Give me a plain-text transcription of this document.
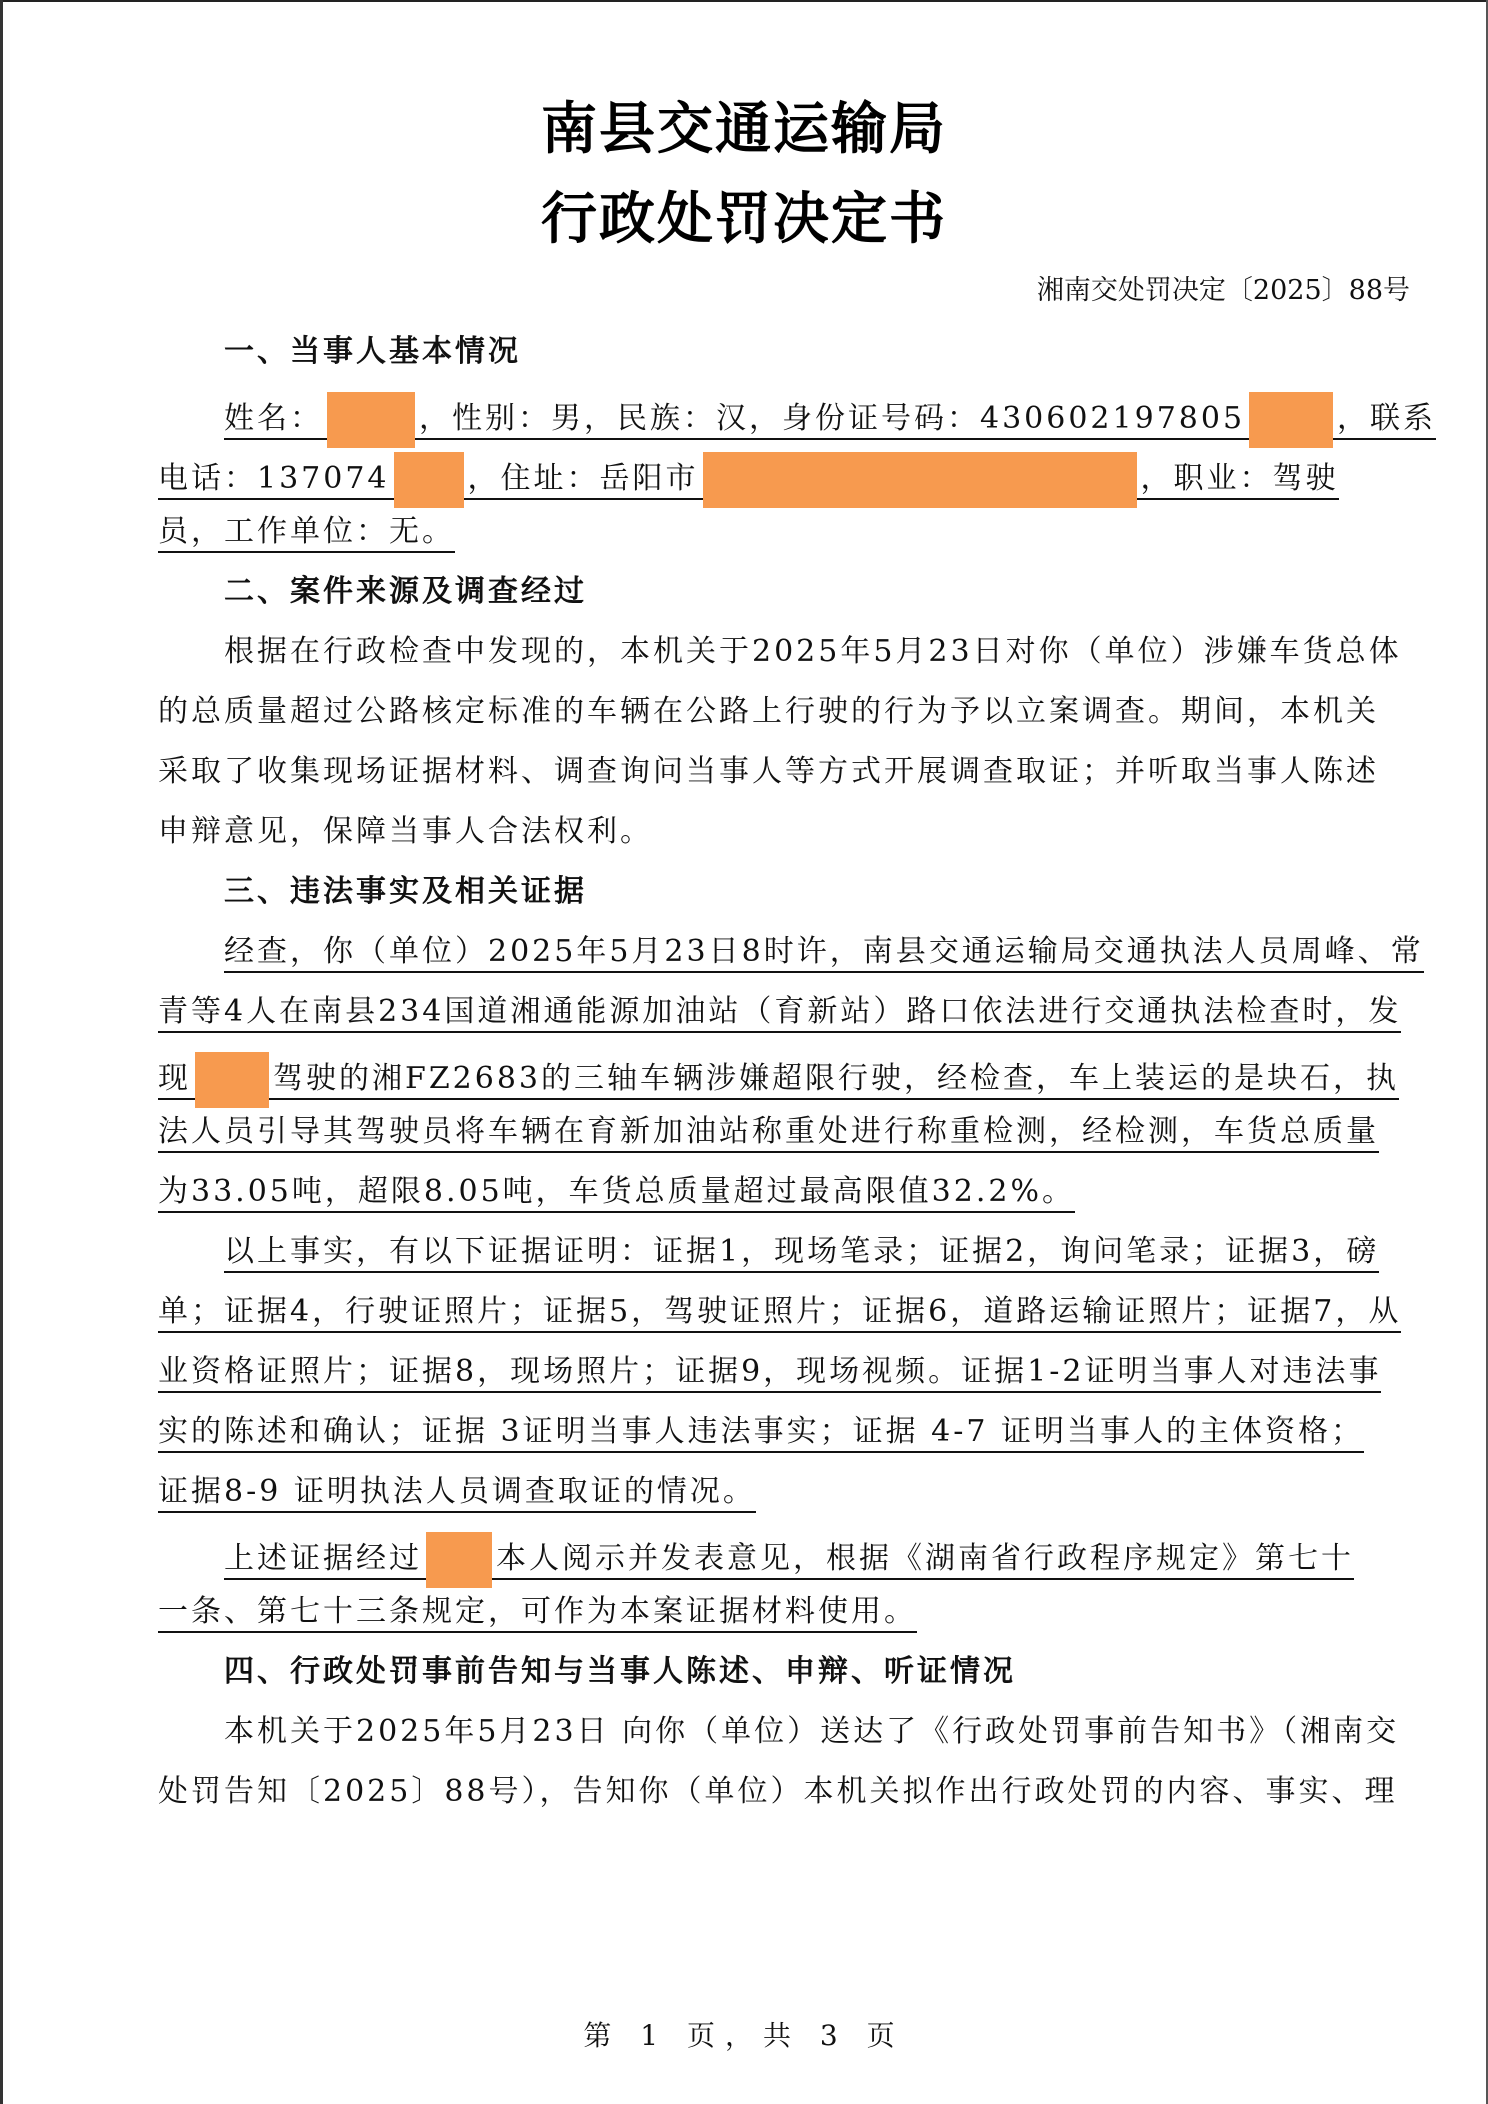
南县交通运输局
行政处罚决定书
湘南交处罚决定〔2025〕88号
一、当事人基本情况
姓名：	，性别：男，民族：汉，身份证号码：430602197805	，联系
电话：137074	，住址：岳阳市	，职业：驾驶
员，工作单位：无。
二、案件来源及调查经过
根据在行政检查中发现的，本机关于2025年5月23日对你（单位）涉嫌车货总体
的总质量超过公路核定标准的车辆在公路上行驶的行为予以立案调查。期间，本机关
采取了收集现场证据材料、调查询问当事人等方式开展调查取证；并听取当事人陈述
申辩意见，保障当事人合法权利。
三、违法事实及相关证据
经查，你（单位）2025年5月23日8时许，南县交通运输局交通执法人员周峰、常
青等4人在南县234国道湘通能源加油站（育新站）路口依法进行交通执法检查时，发
现	驾驶的湘FZ2683的三轴车辆涉嫌超限行驶，经检查，车上装运的是块石，执
法人员引导其驾驶员将车辆在育新加油站称重处进行称重检测，经检测，车货总质量
为33.05吨，超限8.05吨，车货总质量超过最高限值32.2%。
以上事实，有以下证据证明：证据1，现场笔录；证据2，询问笔录；证据3，磅
单；证据4，行驶证照片；证据5，驾驶证照片；证据6，道路运输证照片；证据7，从
业资格证照片；证据8，现场照片；证据9，现场视频。证据1-2证明当事人对违法事
实的陈述和确认；证据 3证明当事人违法事实；证据 4-7 证明当事人的主体资格；
证据8-9 证明执法人员调查取证的情况。
上述证据经过 本人阅示并发表意见，根据《湖南省行政程序规定》第七十
一条、第七十三条规定，可作为本案证据材料使用。
四、行政处罚事前告知与当事人陈述、申辩、听证情况
本机关于2025年5月23日 向你（单位）送达了《行政处罚事前告知书》（湘南交
处罚告知〔2025〕88号），告知你（单位）本机关拟作出行政处罚的内容、事实、理
第 1 页，共 3 页
